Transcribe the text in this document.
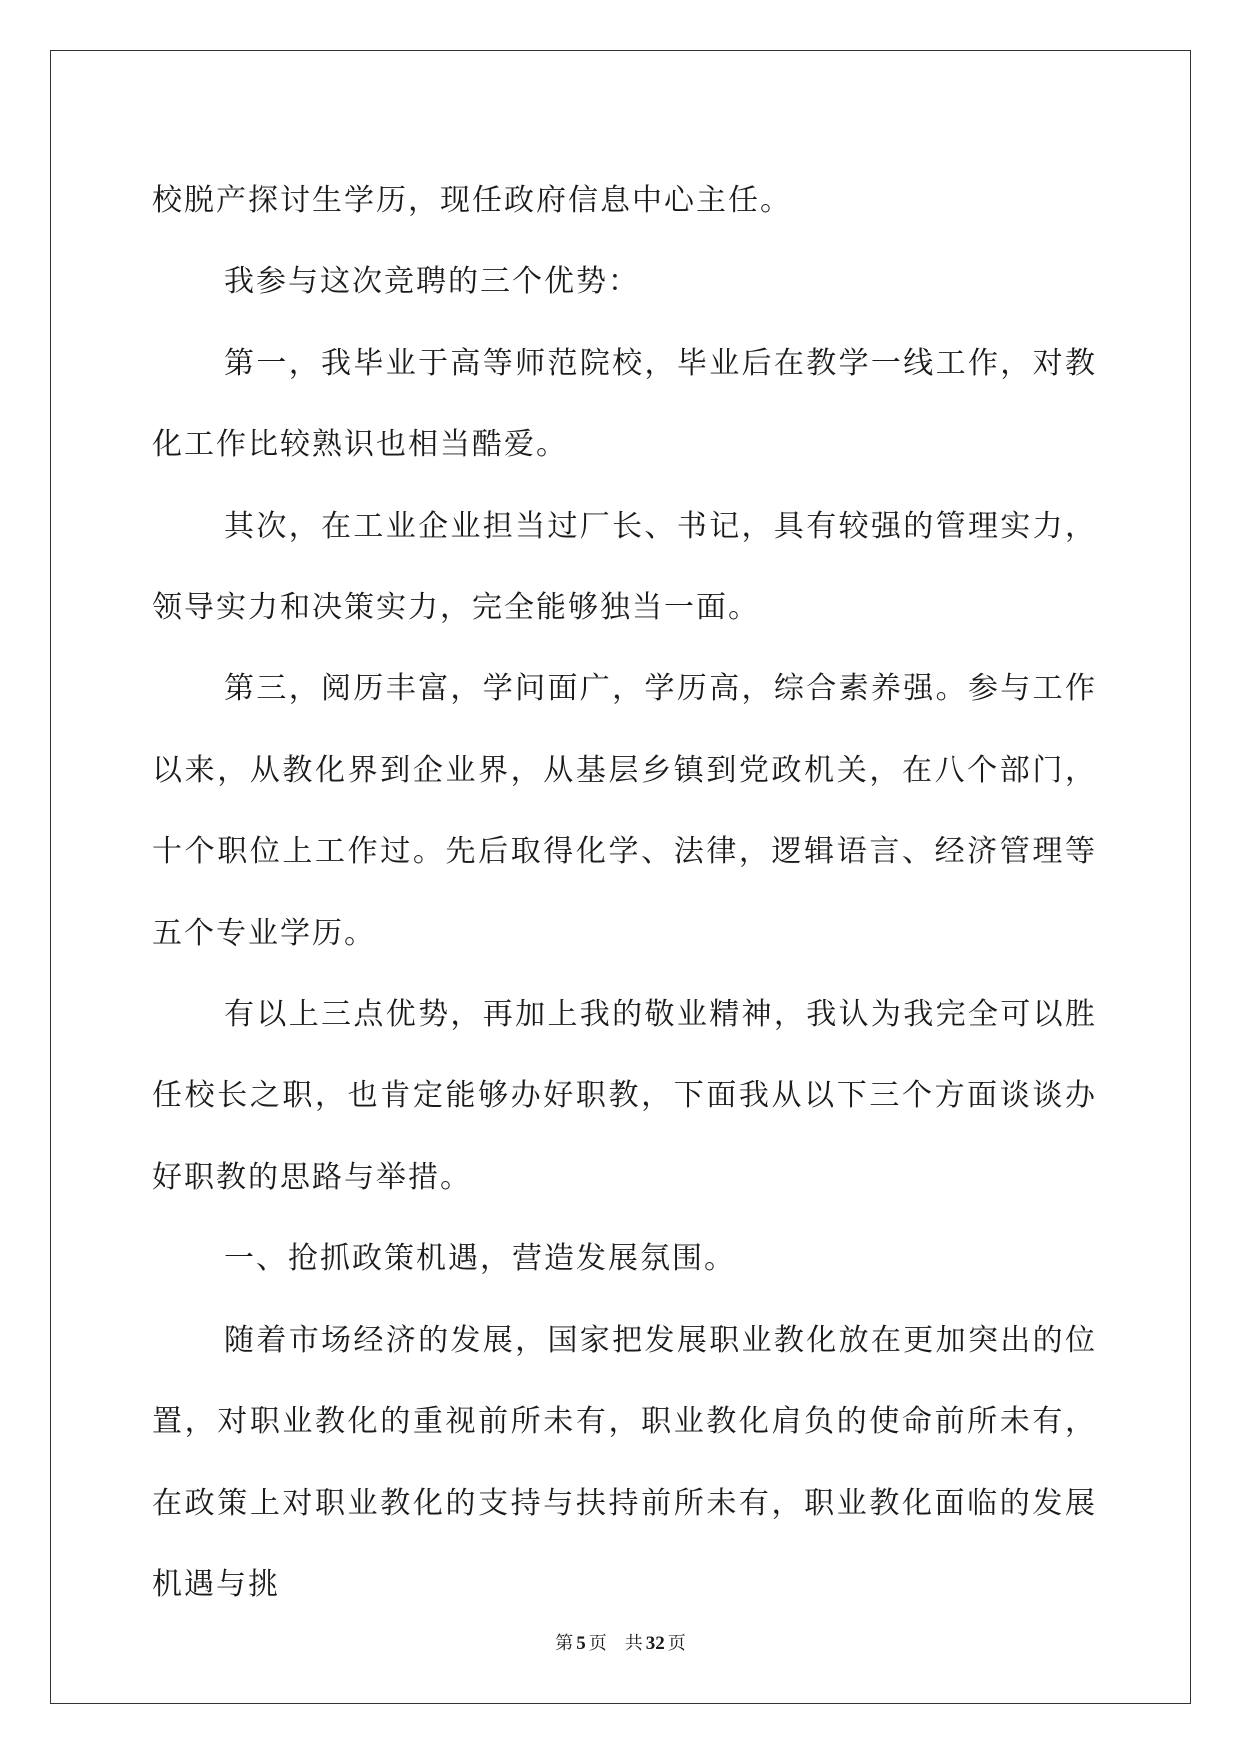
校脱产探讨生学历，现任政府信息中心主任。

我参与这次竞聘的三个优势：

第一，我毕业于高等师范院校，毕业后在教学一线工作，对教化工作比较熟识也相当酷爱。

其次，在工业企业担当过厂长、书记，具有较强的管理实力，领导实力和决策实力，完全能够独当一面。

第三，阅历丰富，学问面广，学历高，综合素养强。参与工作以来，从教化界到企业界，从基层乡镇到党政机关，在八个部门，十个职位上工作过。先后取得化学、法律，逻辑语言、经济管理等五个专业学历。

有以上三点优势，再加上我的敬业精神，我认为我完全可以胜任校长之职，也肯定能够办好职教，下面我从以下三个方面谈谈办好职教的思路与举措。

一、抢抓政策机遇，营造发展氛围。

随着市场经济的发展，国家把发展职业教化放在更加突出的位置，对职业教化的重视前所未有，职业教化肩负的使命前所未有，在政策上对职业教化的支持与扶持前所未有，职业教化面临的发展机遇与挑

第 5 页 共 32 页
